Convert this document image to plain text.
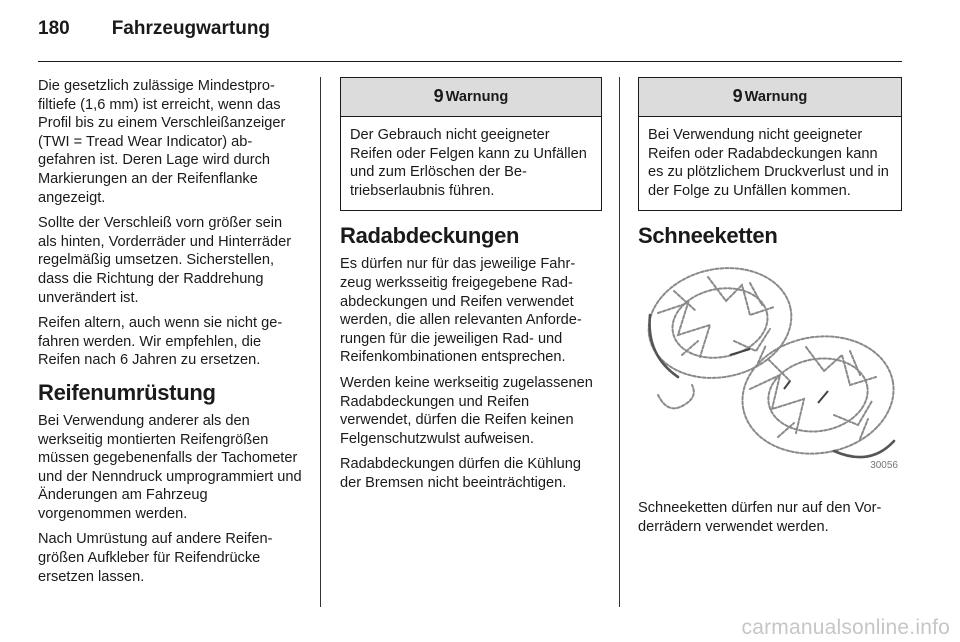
180 Fahrzeugwartung

Die gesetzlich zulässige Mindestprofiltiefe (1,6 mm) ist erreicht, wenn das Profil bis zu einem Verschleißanzeiger (TWI = Tread Wear Indicator) abgefahren ist. Deren Lage wird durch Markierungen an der Reifenflanke angezeigt.

Sollte der Verschleiß vorn größer sein als hinten, Vorderräder und Hinterräder regelmäßig umsetzen. Sicherstellen, dass die Richtung der Raddrehung unverändert ist.

Reifen altern, auch wenn sie nicht gefahren werden. Wir empfehlen, die Reifen nach 6 Jahren zu ersetzen.

Reifenumrüstung

Bei Verwendung anderer als den werkseitig montierten Reifengrößen müssen gegebenenfalls der Tachometer und der Nenndruck umprogrammiert und Änderungen am Fahrzeug vorgenommen werden.

Nach Umrüstung auf andere Reifengrößen Aufkleber für Reifendrücke ersetzen lassen.

9 Warnung
Der Gebrauch nicht geeigneter Reifen oder Felgen kann zu Unfällen und zum Erlöschen der Betriebserlaubnis führen.
Radabdeckungen

Es dürfen nur für das jeweilige Fahrzeug werksseitig freigegebene Radabdeckungen und Reifen verwendet werden, die allen relevanten Anforderungen für die jeweiligen Rad- und Reifenkombinationen entsprechen.

Werden keine werkseitig zugelassenen Radabdeckungen und Reifen verwendet, dürfen die Reifen keinen Felgenschutzwulst aufweisen.

Radabdeckungen dürfen die Kühlung der Bremsen nicht beeinträchtigen.

9 Warnung
Bei Verwendung nicht geeigneter Reifen oder Radabdeckungen kann es zu plötzlichem Druckverlust und in der Folge zu Unfällen kommen.
Schneeketten
30056

Schneeketten dürfen nur auf den Vorderrädern verwendet werden.

carmanualsonline.info
